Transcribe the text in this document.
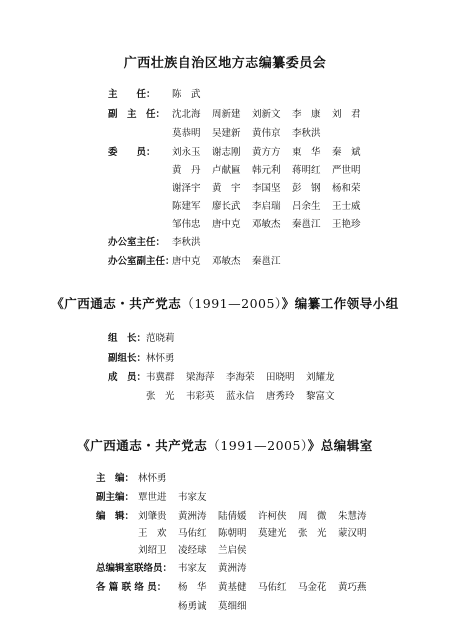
广西壮族自治区地方志编纂委员会
主　　任： 陈　武
副　主　任： 沈北海 周新建 刘新文 李　康 刘　君
莫恭明 吴建新 黄伟京 李秋洪
委　　员： 刘永玉 谢志刚 黄方方 東　华 秦　斌
黄　丹 卢献匾 韩元利 蒋明红 严世明
谢泽宇 黄　宇 李国坚 彭　钢 杨和荣
陈建军 廖长武 李启瑞 吕余生 王士威
邹伟忠 唐中克 邓敏杰 秦邕江 王艳珍
办公室主任： 李秋洪
办公室副主任：
唐中克 邓敏杰 秦邕江
《广西通志・共产党志（1991—2005）》编纂工作领导小组
组　长： 范晓莉
副组长： 林怀勇
成　员： 韦冀群 梁海萍 李海荣 田晓明 刘耀龙
张　光 韦彩英 蓝永信 唐秀玲 黎富文
《广西通志・共产党志（1991—2005）》总编辑室
主　编： 林怀勇
副主编： 覃世进 韦家友
编　辑： 刘肇贵 黄洲涛 陆倩媛 许柯侠 周　微 朱慧涛
王　欢 马佑红 陈朝明 莫建光 张　光 蒙汉明
刘绍卫 凌经球 兰启侯
总编辑室联络员： 韦家友 黄洲涛
各 篇 联 络 员： 杨　华 黄基健 马佑红 马金花 黄巧燕
杨勇诚 莫细细
